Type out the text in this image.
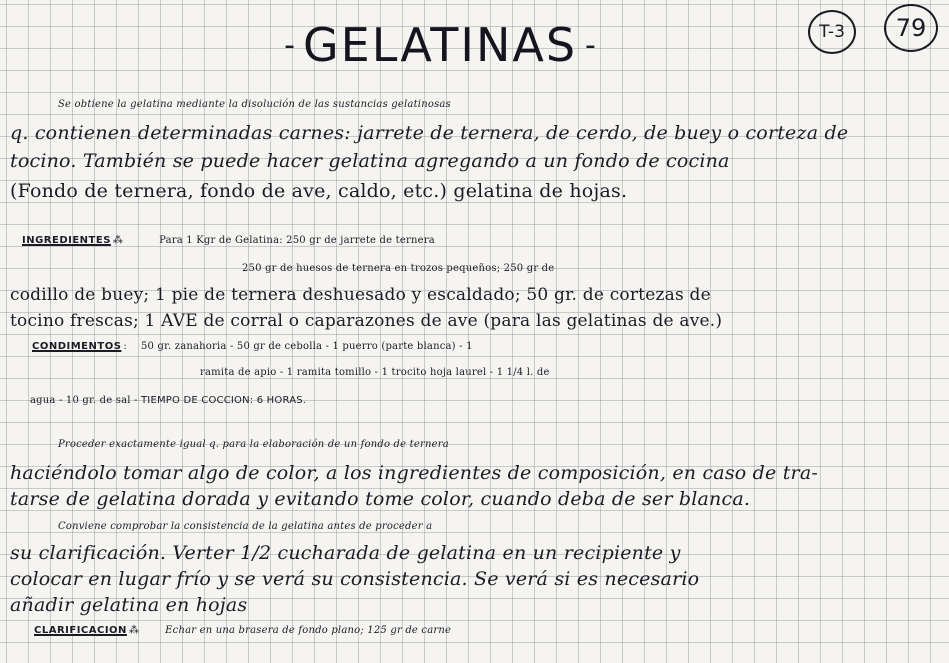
- GELATINAS -	T-3 79
Se obtiene la gelatina mediante la disolución de las sustancias gelatinosas
q. contienen determinadas carnes: jarrete de ternera, de cerdo, de buey o corteza de
tocino. También se puede hacer gelatina agregando a un fondo de cocina
(Fondo de ternera, fondo de ave, caldo, etc.) gelatina de hojas.
INGREDIENTES ⁂	Para 1 Kgr de Gelatina: 250 gr de jarrete de ternera
250 gr de huesos de ternera en trozos pequeños; 250 gr de
codillo de buey; 1 pie de ternera deshuesado y escaldado; 50 gr. de cortezas de
tocino frescas; 1 AVE de corral o caparazones de ave (para las gelatinas de ave.)
CONDIMENTOS : 50 gr. zanahoria - 50 gr de cebolla - 1 puerro (parte blanca) - 1
ramita de apio - 1 ramita tomillo - 1 trocito hoja laurel - 1 1/4 l. de
agua - 10 gr. de sal - TIEMPO DE COCCION: 6 HORAS.
Proceder exactamente igual q. para la elaboración de un fondo de ternera
haciéndolo tomar algo de color, a los ingredientes de composición, en caso de tra-
tarse de gelatina dorada y evitando tome color, cuando deba de ser blanca.
Conviene comprobar la consistencia de la gelatina antes de proceder a
su clarificación. Verter 1/2 cucharada de gelatina en un recipiente y
colocar en lugar frío y se verá su consistencia. Se verá si es necesario
añadir gelatina en hojas
CLARIFICACION ⁂	Echar en una brasera de fondo plano; 125 gr de carne
